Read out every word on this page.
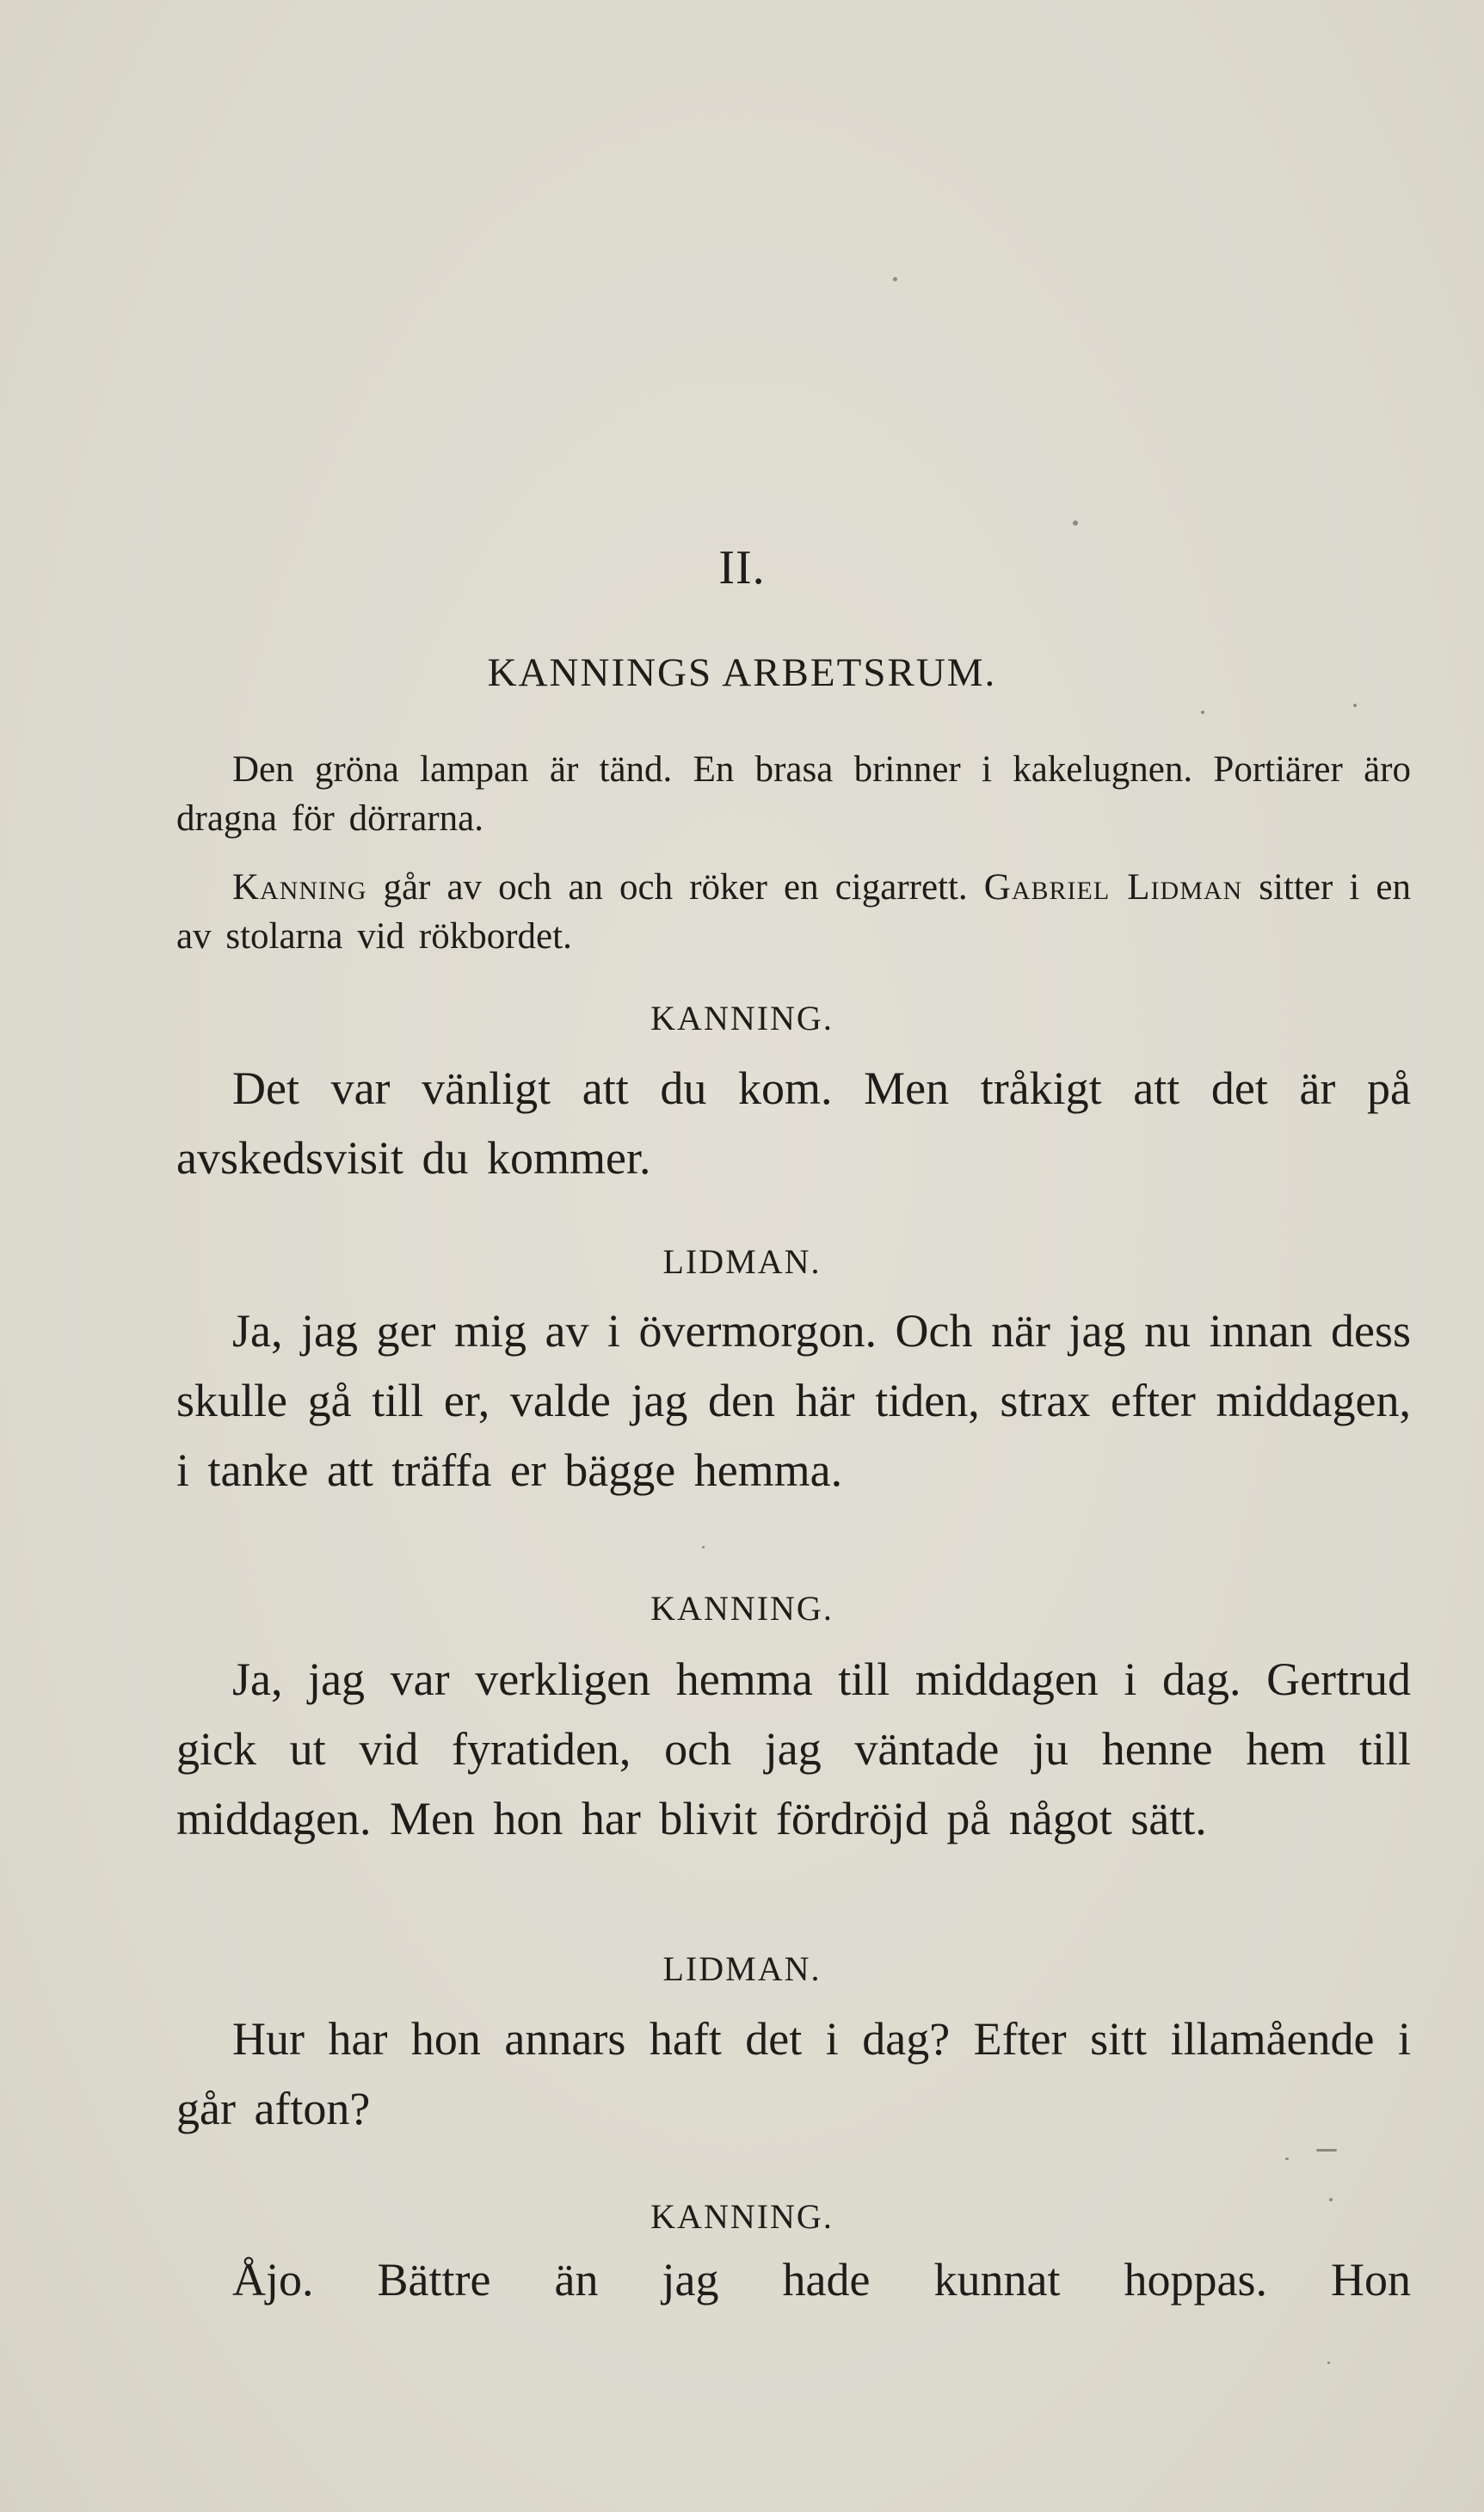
II.
KANNINGS ARBETSRUM.

Den gröna lampan är tänd. En brasa brinner i kakelugnen. Portiärer äro dragna för dörrarna.

Kanning går av och an och röker en cigarrett. Gabriel Lidman sitter i en av stolarna vid rökbordet.

KANNING.

Det var vänligt att du kom. Men tråkigt att det är på avskedsvisit du kommer.

LIDMAN.

Ja, jag ger mig av i övermorgon. Och när jag nu innan dess skulle gå till er, valde jag den här tiden, strax efter middagen, i tanke att träffa er bägge hemma.

KANNING.

Ja, jag var verkligen hemma till middagen i dag. Gertrud gick ut vid fyratiden, och jag väntade ju henne hem till middagen. Men hon har blivit fördröjd på något sätt.

LIDMAN.

Hur har hon annars haft det i dag? Efter sitt illamående i går afton?

KANNING.

Åjo. Bättre än jag hade kunnat hoppas. Hon
